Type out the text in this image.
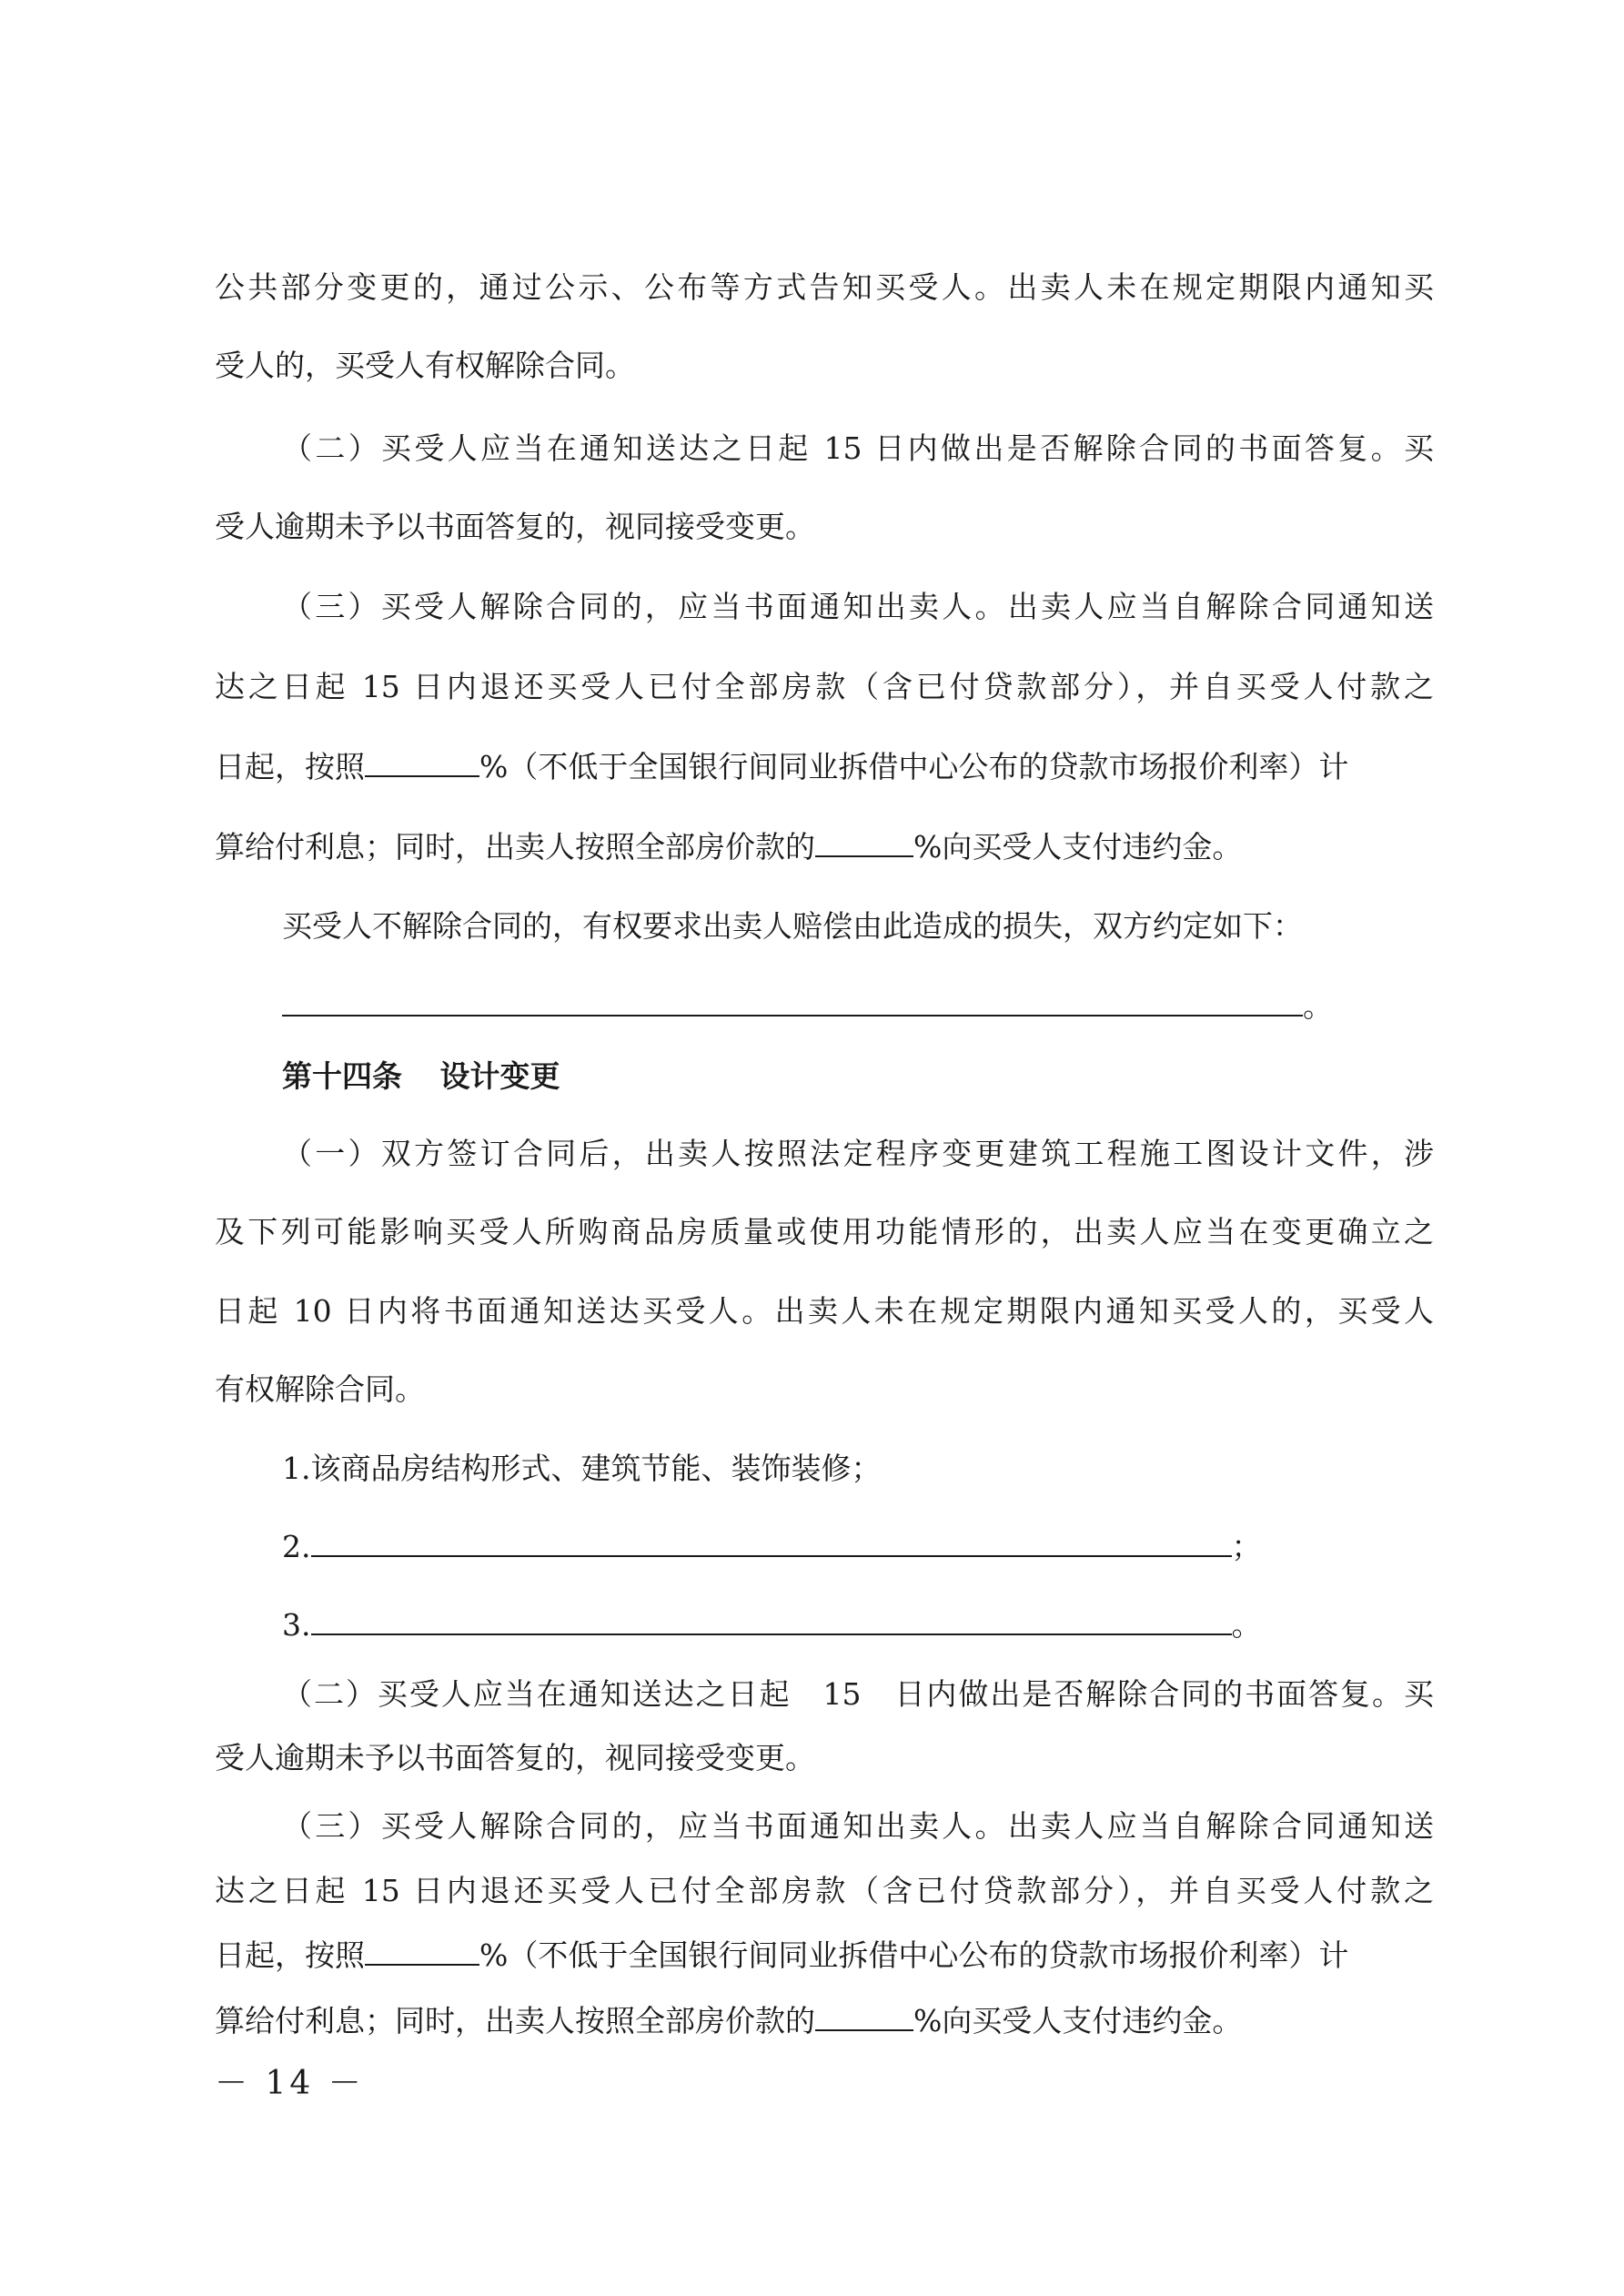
公共部分变更的，通过公示、公布等方式告知买受人。出卖人未在规定期限内通知买
受人的，买受人有权解除合同。
（二）买受人应当在通知送达之日起 15 日内做出是否解除合同的书面答复。买
受人逾期未予以书面答复的，视同接受变更。
（三）买受人解除合同的，应当书面通知出卖人。出卖人应当自解除合同通知送
达之日起 15 日内退还买受人已付全部房款（含已付贷款部分），并自买受人付款之
日起，按照	%（不低于全国银行间同业拆借中心公布的贷款市场报价利率）计
算给付利息；同时，出卖人按照全部房价款的	%向买受人支付违约金。
买受人不解除合同的，有权要求出卖人赔偿由此造成的损失，双方约定如下：
。
第十四条 设计变更
（一）双方签订合同后，出卖人按照法定程序变更建筑工程施工图设计文件，涉
及下列可能影响买受人所购商品房质量或使用功能情形的，出卖人应当在变更确立之
日起 10 日内将书面通知送达买受人。出卖人未在规定期限内通知买受人的，买受人
有权解除合同。
1.该商品房结构形式、建筑节能、装饰装修；
2.	；
3.	。
（二）买受人应当在通知送达之日起　15　日内做出是否解除合同的书面答复。买
受人逾期未予以书面答复的，视同接受变更。
（三）买受人解除合同的，应当书面通知出卖人。出卖人应当自解除合同通知送
达之日起 15 日内退还买受人已付全部房款（含已付贷款部分），并自买受人付款之
日起，按照	%（不低于全国银行间同业拆借中心公布的贷款市场报价利率）计
算给付利息；同时，出卖人按照全部房价款的	%向买受人支付违约金。
－ 14 －
